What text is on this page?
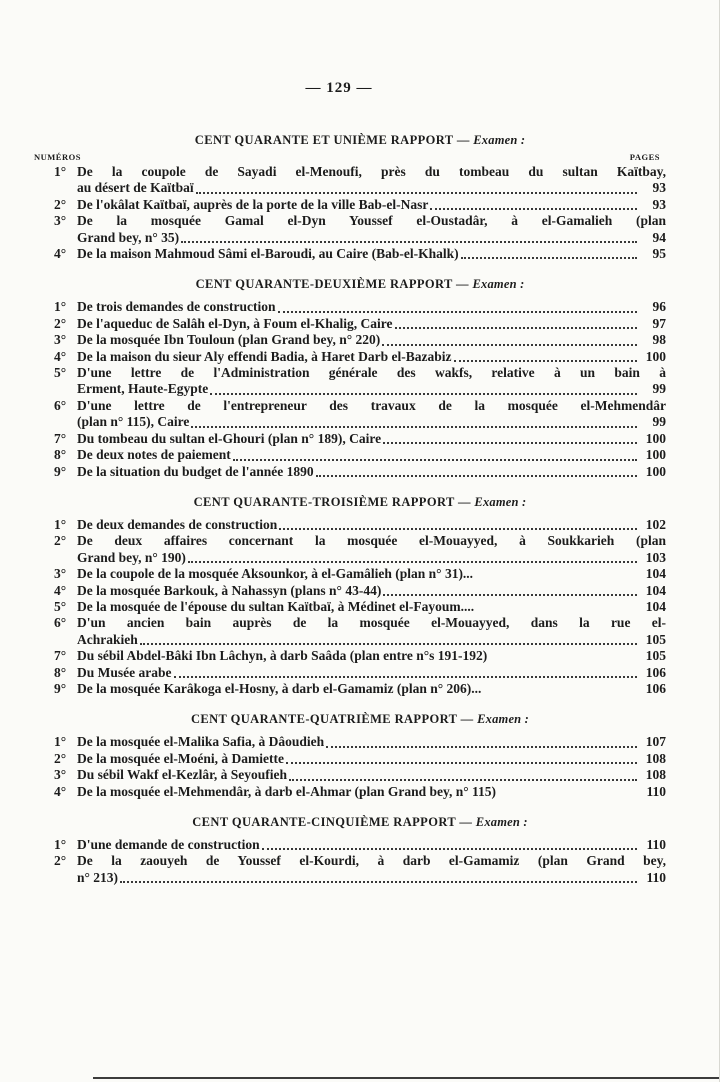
— 129 —
CENT QUARANTE ET UNIÈME RAPPORT — Examen :
NUMÉROS	PAGES
1° De la coupole de Sayadi el-Menoufi, près du tombeau du sultan Kaïtbay,
au désert de Kaïtbaï	93
2° De l'okâlat Kaïtbaï, auprès de la porte de la ville Bab-el-Nasr	93
3° De la mosquée Gamal el-Dyn Youssef el-Oustadâr, à el-Gamalieh (plan
Grand bey, n° 35)	94
4° De la maison Mahmoud Sâmi el-Baroudi, au Caire (Bab-el-Khalk)	95
CENT QUARANTE-DEUXIÈME RAPPORT — Examen :
1° De trois demandes de construction	96
2° De l'aqueduc de Salâh el-Dyn, à Foum el-Khalig, Caire	97
3° De la mosquée Ibn Touloun (plan Grand bey, n° 220)	98
4° De la maison du sieur Aly effendi Badia, à Haret Darb el-Bazabiz	100
5° D'une lettre de l'Administration générale des wakfs, relative à un bain à
Erment, Haute-Egypte	99
6° D'une lettre de l'entrepreneur des travaux de la mosquée el-Mehmendâr
(plan n° 115), Caire	99
7° Du tombeau du sultan el-Ghouri (plan n° 189), Caire	100
8° De deux notes de paiement	100
9° De la situation du budget de l'année 1890	100
CENT QUARANTE-TROISIÈME RAPPORT — Examen :
1° De deux demandes de construction	102
2° De deux affaires concernant la mosquée el-Mouayyed, à Soukkarieh (plan
Grand bey, n° 190)	103
3° De la coupole de la mosquée Aksounkor, à el-Gamâlieh (plan n° 31)...	104
4° De la mosquée Barkouk, à Nahassyn (plans n° 43-44)	104
5° De la mosquée de l'épouse du sultan Kaïtbaï, à Médinet el-Fayoum....	104
6° D'un ancien bain auprès de la mosquée el-Mouayyed, dans la rue el-
Achrakieh	105
7° Du sébil Abdel-Bâki Ibn Lâchyn, à darb Saâda (plan entre n°s 191-192)	105
8° Du Musée arabe	106
9° De la mosquée Karâkoga el-Hosny, à darb el-Gamamiz (plan n° 206)...	106
CENT QUARANTE-QUATRIÈME RAPPORT — Examen :
1° De la mosquée el-Malika Safia, à Dâoudieh	107
2° De la mosquée el-Moéni, à Damiette	108
3° Du sébil Wakf el-Kezlâr, à Seyoufieh	108
4° De la mosquée el-Mehmendâr, à darb el-Ahmar (plan Grand bey, n° 115)	110
CENT QUARANTE-CINQUIÈME RAPPORT — Examen :
1° D'une demande de construction	110
2° De la zaouyeh de Youssef el-Kourdi, à darb el-Gamamiz (plan Grand bey,
n° 213)	110
